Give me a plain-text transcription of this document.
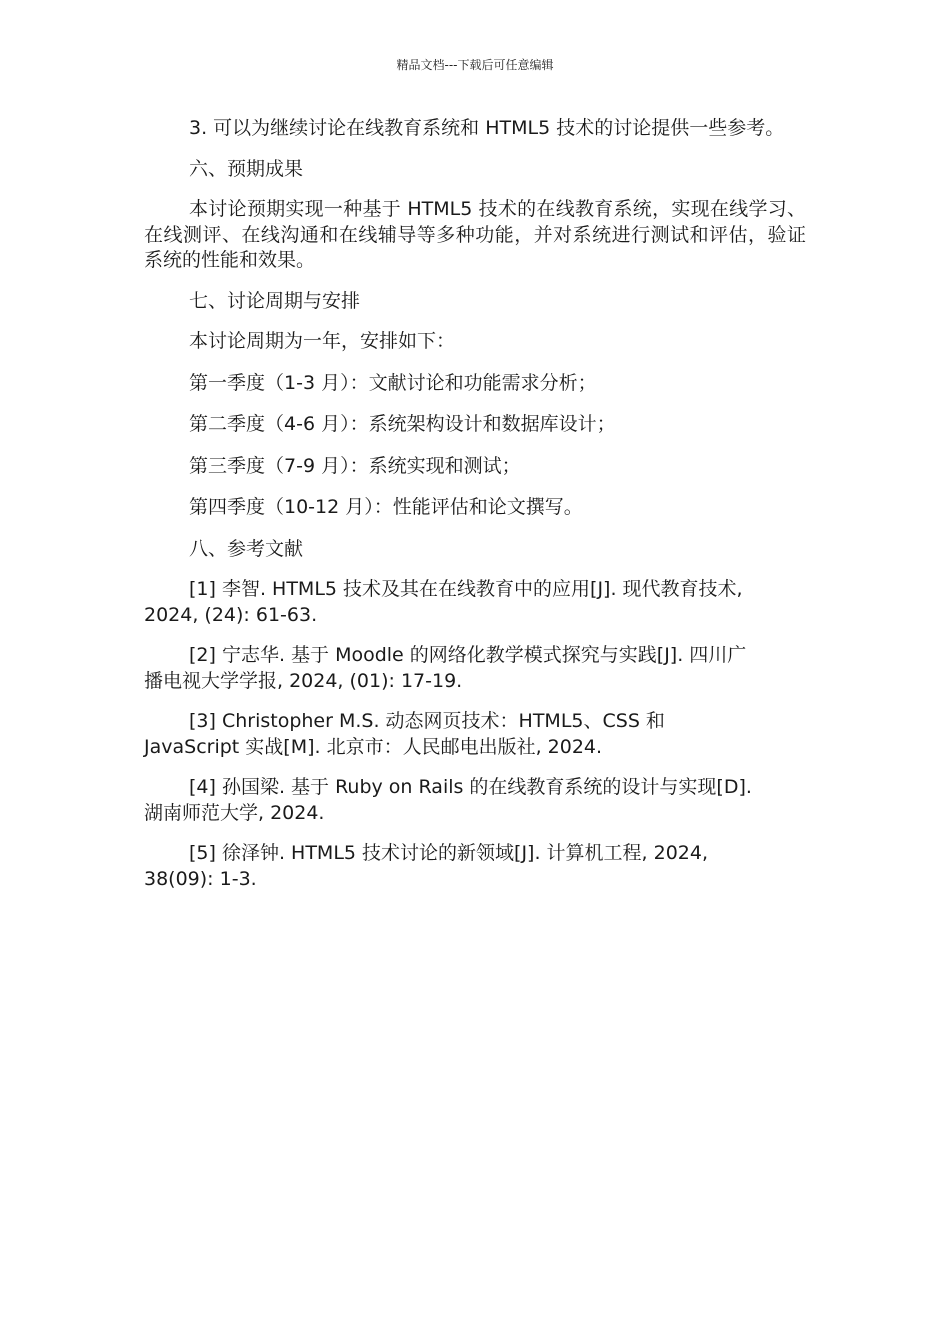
精品文档---下载后可任意编辑

3. 可以为继续讨论在线教育系统和 HTML5 技术的讨论提供一些参考。

六、预期成果

本讨论预期实现一种基于 HTML5 技术的在线教育系统，实现在线学习、在线测评、在线沟通和在线辅导等多种功能，并对系统进行测试和评估，验证系统的性能和效果。

七、讨论周期与安排

本讨论周期为一年，安排如下：

第一季度（1-3 月）：文献讨论和功能需求分析；

第二季度（4-6 月）：系统架构设计和数据库设计；

第三季度（7-9 月）：系统实现和测试；

第四季度（10-12 月）：性能评估和论文撰写。

八、参考文献

[1] 李智. HTML5 技术及其在在线教育中的应用[J]. 现代教育技术,
2024, (24): 61-63.

[2] 宁志华. 基于 Moodle 的网络化教学模式探究与实践[J]. 四川广
播电视大学学报, 2024, (01): 17-19.

[3] Christopher M.S. 动态网页技术：HTML5、CSS 和
JavaScript 实战[M]. 北京市：人民邮电出版社, 2024.

[4] 孙国梁. 基于 Ruby on Rails 的在线教育系统的设计与实现[D].
湖南师范大学, 2024.

[5] 徐泽钟. HTML5 技术讨论的新领域[J]. 计算机工程, 2024,
38(09): 1-3.
